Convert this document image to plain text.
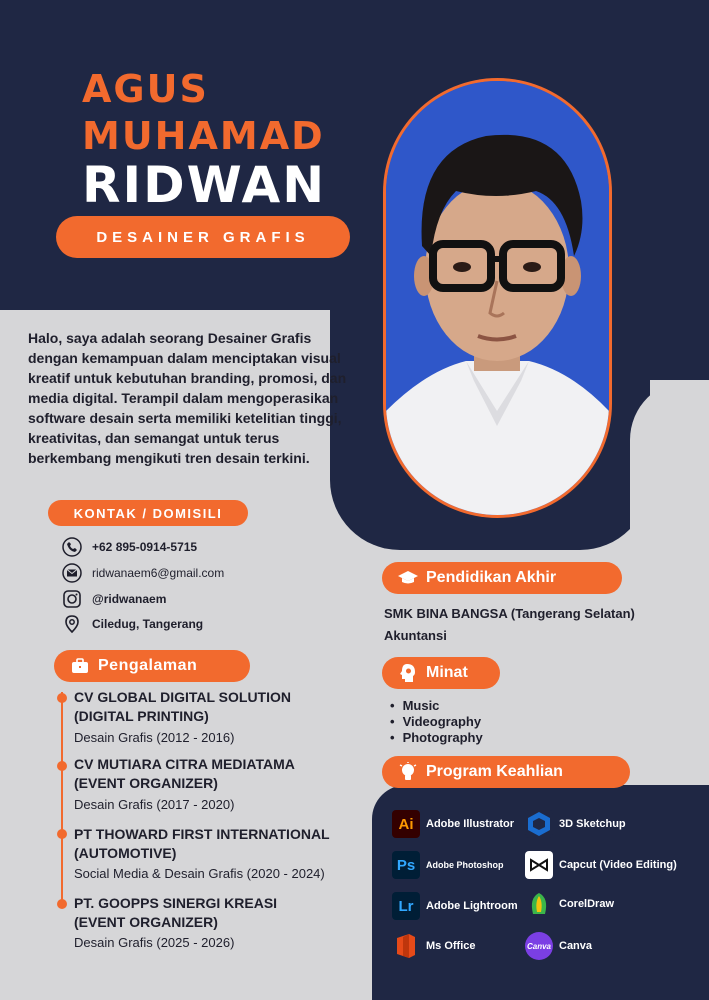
AGUS
MUHAMAD
RIDWAN
DESAINER GRAFIS
Halo, saya adalah seorang Desainer Grafis dengan kemampuan dalam menciptakan visual kreatif untuk kebutuhan branding, promosi, dan media digital. Terampil dalam mengoperasikan software desain serta memiliki ketelitian tinggi, kreativitas, dan semangat untuk terus berkembang mengikuti tren desain terkini.
KONTAK / DOMISILI
+62 895-0914-5715
ridwanaem6@gmail.com
@ridwanaem
Ciledug, Tangerang
Pengalaman
CV GLOBAL DIGITAL SOLUTION
(DIGITAL PRINTING)
Desain Grafis (2012 - 2016)
CV MUTIARA CITRA MEDIATAMA
(EVENT ORGANIZER)
Desain Grafis (2017 - 2020)
PT THOWARD FIRST INTERNATIONAL
(AUTOMOTIVE)
Social Media & Desain Grafis (2020 - 2024)
PT. GOOPPS SINERGI KREASI
(EVENT ORGANIZER)
Desain Grafis (2025 - 2026)
Pendidikan Akhir
SMK BINA BANGSA (Tangerang Selatan)
Akuntansi
Minat
• Music
• Videography
• Photography
Program Keahlian
Ai	Adobe Illustrator	3D Sketchup
Ps	Adobe Photoshop	Capcut (Video Editing)
Lr	Adobe Lightroom	CorelDraw
Ms Office	Canva Canva
